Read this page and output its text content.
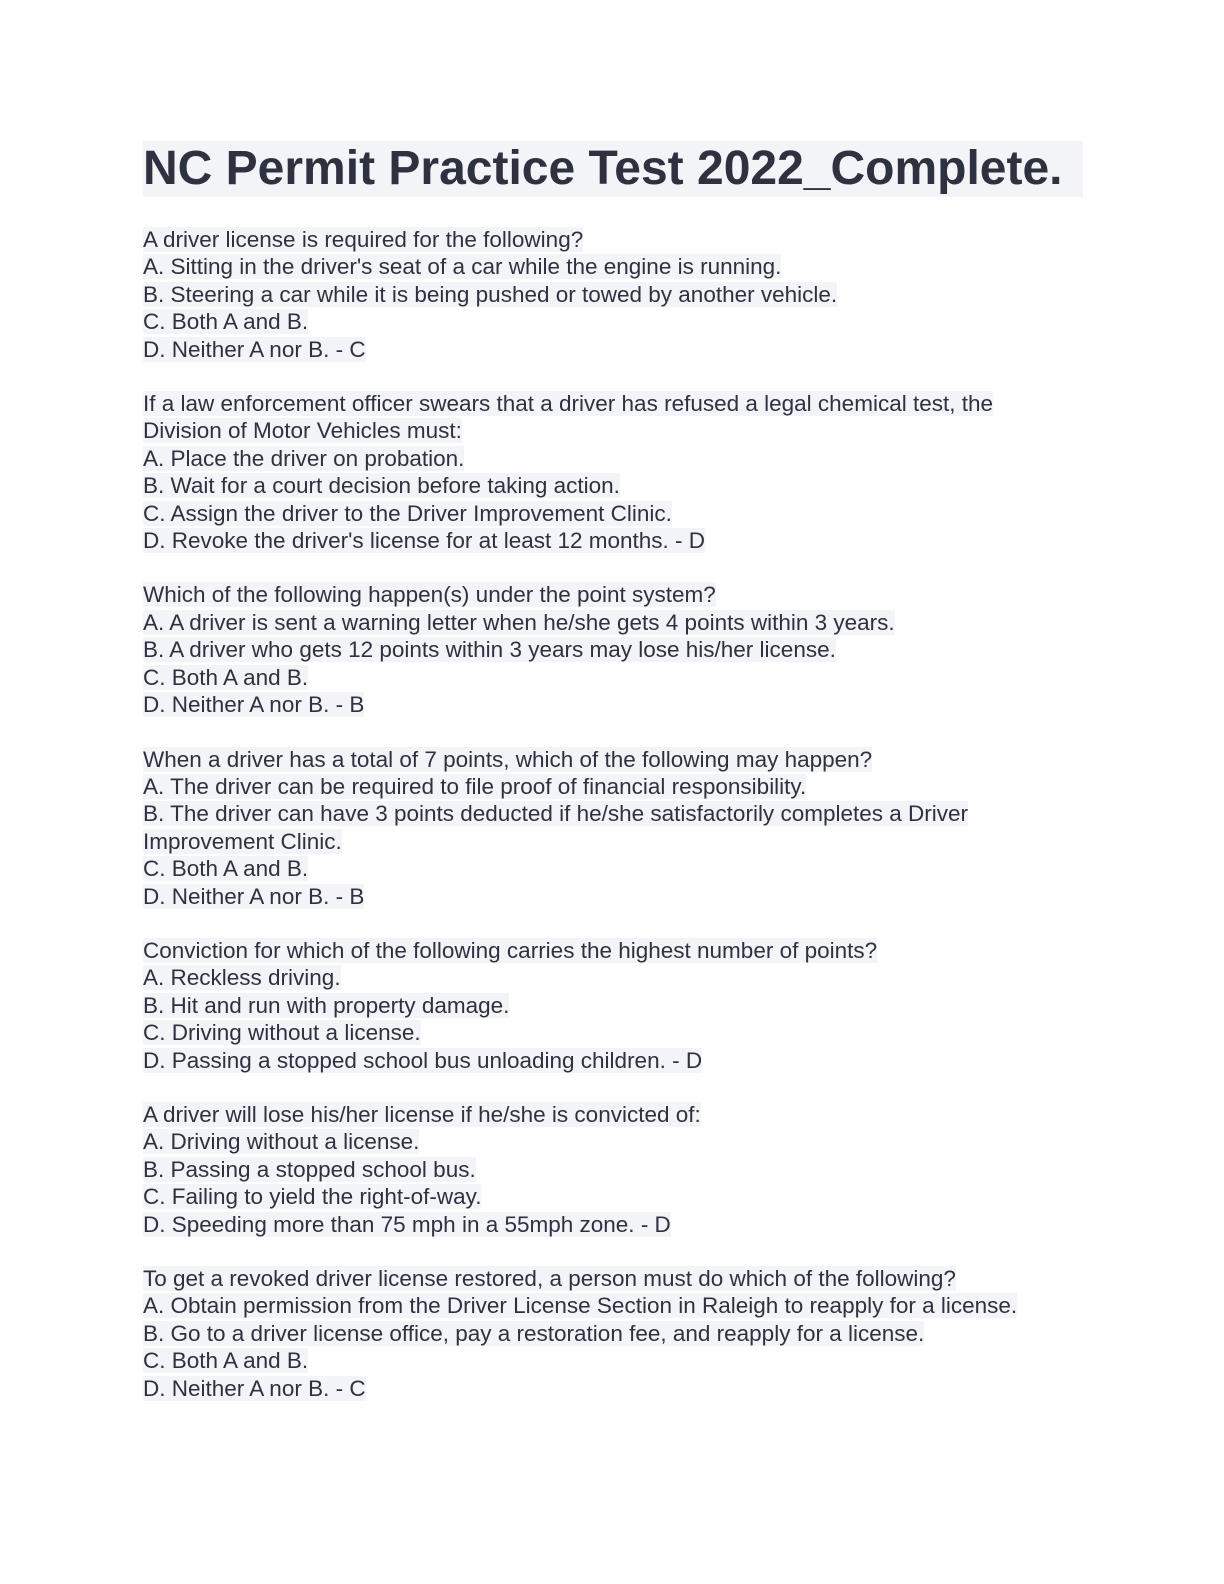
NC Permit Practice Test 2022_Complete.
A driver license is required for the following?
A. Sitting in the driver's seat of a car while the engine is running.
B. Steering a car while it is being pushed or towed by another vehicle.
C. Both A and B.
D. Neither A nor B. - C
If a law enforcement officer swears that a driver has refused a legal chemical test, the
Division of Motor Vehicles must:
A. Place the driver on probation.
B. Wait for a court decision before taking action.
C. Assign the driver to the Driver Improvement Clinic.
D. Revoke the driver's license for at least 12 months. - D
Which of the following happen(s) under the point system?
A. A driver is sent a warning letter when he/she gets 4 points within 3 years.
B. A driver who gets 12 points within 3 years may lose his/her license.
C. Both A and B.
D. Neither A nor B. - B
When a driver has a total of 7 points, which of the following may happen?
A. The driver can be required to file proof of financial responsibility.
B. The driver can have 3 points deducted if he/she satisfactorily completes a Driver
Improvement Clinic.
C. Both A and B.
D. Neither A nor B. - B
Conviction for which of the following carries the highest number of points?
A. Reckless driving.
B. Hit and run with property damage.
C. Driving without a license.
D. Passing a stopped school bus unloading children. - D
A driver will lose his/her license if he/she is convicted of:
A. Driving without a license.
B. Passing a stopped school bus.
C. Failing to yield the right-of-way.
D. Speeding more than 75 mph in a 55mph zone. - D
To get a revoked driver license restored, a person must do which of the following?
A. Obtain permission from the Driver License Section in Raleigh to reapply for a license.
B. Go to a driver license office, pay a restoration fee, and reapply for a license.
C. Both A and B.
D. Neither A nor B. - C
